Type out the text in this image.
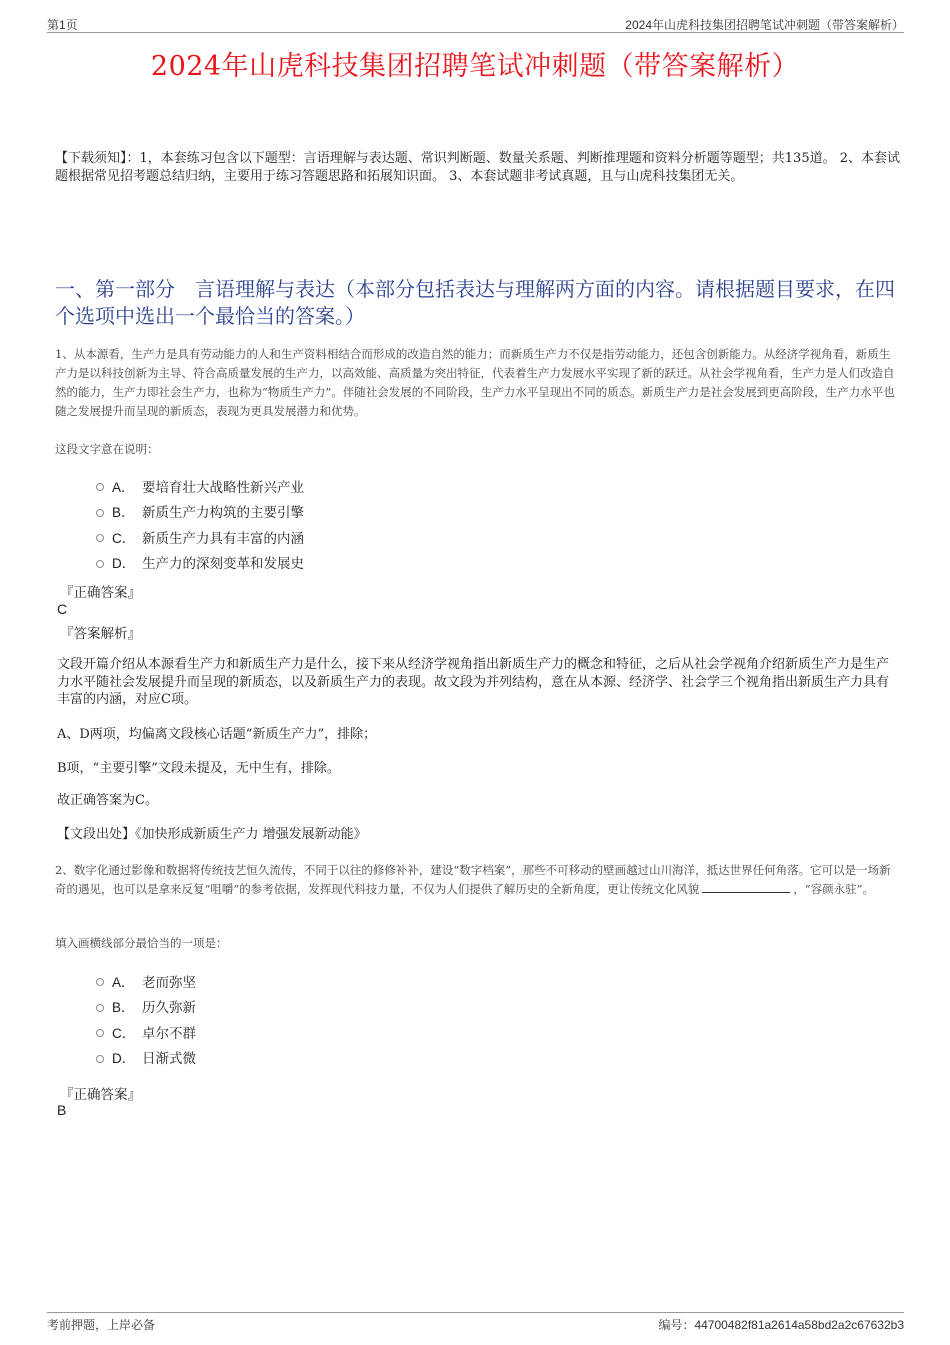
第1页	2024年山虎科技集团招聘笔试冲刺题（带答案解析）
2024年山虎科技集团招聘笔试冲刺题（带答案解析）
【下载须知】：1，本套练习包含以下题型：言语理解与表达题、常识判断题、数量关系题、判断推理题和资料分析题等题型；共135道。 2、本套试题根据常见招考题总结归纳，主要用于练习答题思路和拓展知识面。 3、本套试题非考试真题，且与山虎科技集团无关。
一、第一部分　言语理解与表达（本部分包括表达与理解两方面的内容。请根据题目要求，在四个选项中选出一个最恰当的答案。）
1、从本源看，生产力是具有劳动能力的人和生产资料相结合而形成的改造自然的能力；而新质生产力不仅是指劳动能力，还包含创新能力。从经济学视角看，新质生产力是以科技创新为主导、符合高质量发展的生产力，以高效能、高质量为突出特征，代表着生产力发展水平实现了新的跃迁。从社会学视角看，生产力是人们改造自然的能力，生产力即社会生产力，也称为“物质生产力”。伴随社会发展的不同阶段，生产力水平呈现出不同的质态。新质生产力是社会发展到更高阶段，生产力水平也随之发展提升而呈现的新质态，表现为更具发展潜力和优势。
这段文字意在说明：
A． 要培育壮大战略性新兴产业
B． 新质生产力构筑的主要引擎
C． 新质生产力具有丰富的内涵
D． 生产力的深刻变革和发展史
『正确答案』
C
『答案解析』
文段开篇介绍从本源看生产力和新质生产力是什么，接下来从经济学视角指出新质生产力的概念和特征，之后从社会学视角介绍新质生产力是生产力水平随社会发展提升而呈现的新质态，以及新质生产力的表现。故文段为并列结构，意在从本源、经济学、社会学三个视角指出新质生产力具有丰富的内涵，对应C项。
A、D两项，均偏离文段核心话题“新质生产力”，排除；
B项，“主要引擎”文段未提及，无中生有，排除。
故正确答案为C。
【文段出处】《加快形成新质生产力 增强发展新动能》
2、数字化通过影像和数据将传统技艺恒久流传，不同于以往的修修补补，建设“数字档案”，那些不可移动的壁画越过山川海洋，抵达世界任何角落。它可以是一场新奇的遇见，也可以是拿来反复“咀嚼”的参考依据，发挥现代科技力量，不仅为人们提供了解历史的全新角度，更让传统文化风貌	，“容颜永驻”。
填入画横线部分最恰当的一项是：
A． 老而弥坚
B． 历久弥新
C． 卓尔不群
D． 日渐式微
『正确答案』
B
考前押题，上岸必备	编号：44700482f81a2614a58bd2a2c67632b3
